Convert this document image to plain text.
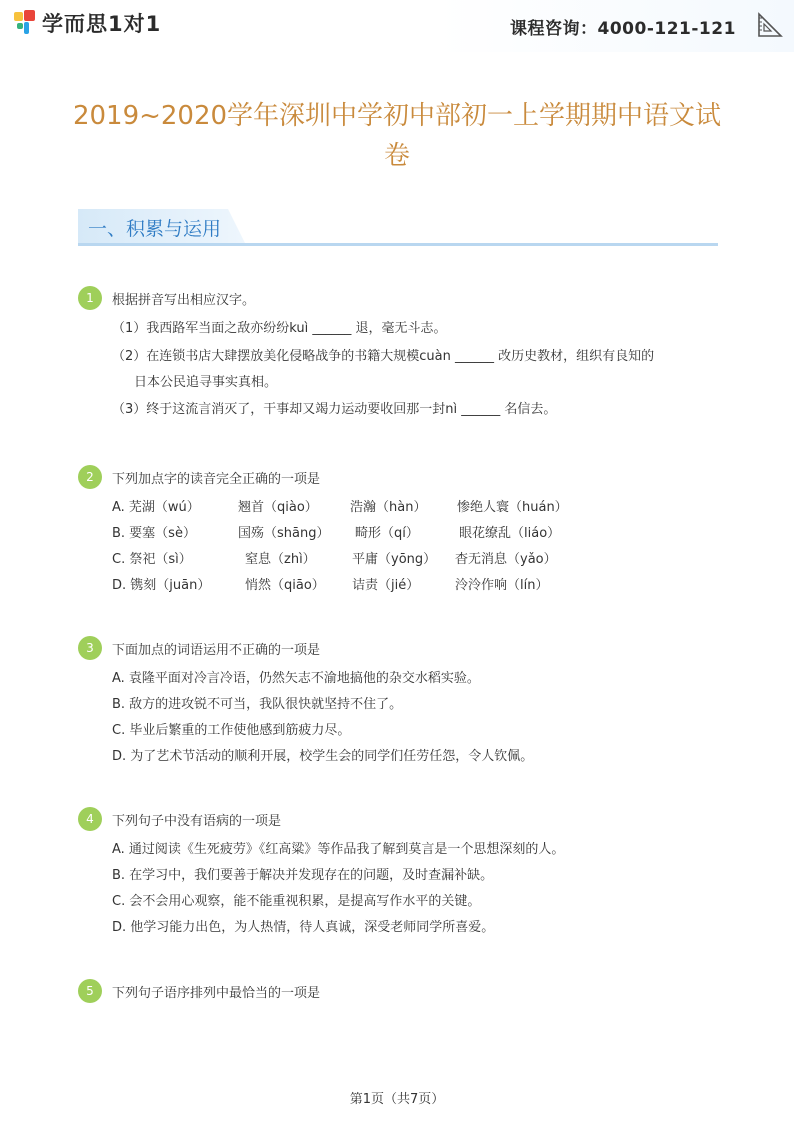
学而思1对1	课程咨询：4000-121-121
2019~2020学年深圳中学初中部初一上学期期中语文试卷
一、积累与运用
1	根据拼音写出相应汉字。
（1）我西路军当面之敌亦纷纷kuì ______ 退，毫无斗志。
（2）在连锁书店大肆摆放美化侵略战争的书籍大规模cuàn ______ 改历史教材，组织有良知的
日本公民追寻事实真相。
（3）终于这流言消灭了，干事却又竭力运动要收回那一封nì ______ 名信去。
2	下列加点字的读音完全正确的一项是
A. 芜湖（wú）	翘首（qiào） 浩瀚（hàn） 惨绝人寰（huán）
B. 要塞（sè）	国殇（shāng） 畸形（qí）	眼花缭乱（liáo）
C. 祭祀（sì）	窒息（zhì）	平庸（yōng） 杳无消息（yǎo）
D. 镌刻（juān）	悄然（qiāo） 诘责（jié）	泠泠作响（lín）
3	下面加点的词语运用不正确的一项是
A. 袁隆平面对冷言冷语，仍然矢志不渝地搞他的杂交水稻实验。
B. 敌方的进攻锐不可当，我队很快就坚持不住了。
C. 毕业后繁重的工作使他感到筋疲力尽。
D. 为了艺术节活动的顺利开展，校学生会的同学们任劳任怨，令人钦佩。
4	下列句子中没有语病的一项是
A. 通过阅读《生死疲劳》《红高粱》等作品我了解到莫言是一个思想深刻的人。
B. 在学习中，我们要善于解决并发现存在的问题，及时查漏补缺。
C. 会不会用心观察，能不能重视积累，是提高写作水平的关键。
D. 他学习能力出色，为人热情，待人真诚，深受老师同学所喜爱。
5	下列句子语序排列中最恰当的一项是
第1页（共7页）
